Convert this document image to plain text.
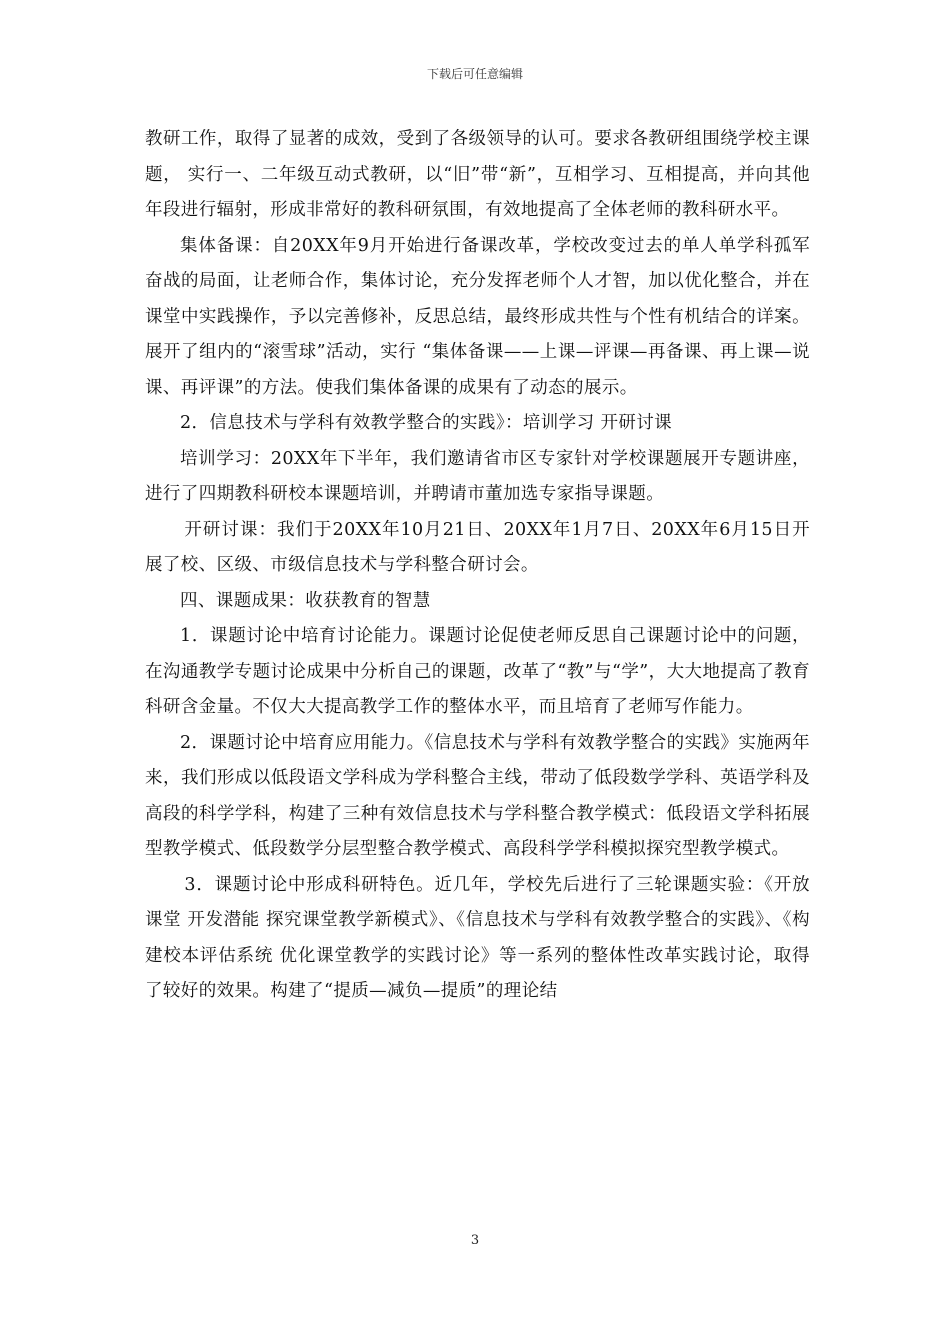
下载后可任意编辑

教研工作，取得了显著的成效，受到了各级领导的认可。要求各教研组围绕学校主课题， 实行一、二年级互动式教研，以“旧”带“新”，互相学习、互相提高，并向其他年段进行辐射，形成非常好的教科研氛围，有效地提高了全体老师的教科研水平。

集体备课：自20XX年9月开始进行备课改革，学校改变过去的单人单学科孤军奋战的局面，让老师合作，集体讨论，充分发挥老师个人才智，加以优化整合，并在课堂中实践操作，予以完善修补，反思总结，最终形成共性与个性有机结合的详案。展开了组内的“滚雪球”活动，实行 “集体备课——上课—评课—再备课、再上课—说课、再评课”的方法。使我们集体备课的成果有了动态的展示。

2．信息技术与学科有效教学整合的实践》：培训学习 开研讨课

培训学习：20XX年下半年，我们邀请省市区专家针对学校课题展开专题讲座，进行了四期教科研校本课题培训，并聘请市董加选专家指导课题。

开研讨课：我们于20XX年10月21日、20XX年1月7日、20XX年6月15日开展了校、区级、市级信息技术与学科整合研讨会。

四、课题成果：收获教育的智慧

1．课题讨论中培育讨论能力。课题讨论促使老师反思自己课题讨论中的问题，在沟通教学专题讨论成果中分析自己的课题，改革了“教”与“学”，大大地提高了教育科研含金量。不仅大大提高教学工作的整体水平，而且培育了老师写作能力。

2．课题讨论中培育应用能力。《信息技术与学科有效教学整合的实践》实施两年来，我们形成以低段语文学科成为学科整合主线，带动了低段数学学科、英语学科及高段的科学学科，构建了三种有效信息技术与学科整合教学模式：低段语文学科拓展型教学模式、低段数学分层型整合教学模式、高段科学学科模拟探究型教学模式。

3．课题讨论中形成科研特色。近几年，学校先后进行了三轮课题实验：《开放课堂 开发潜能 探究课堂教学新模式》、《信息技术与学科有效教学整合的实践》、《构建校本评估系统 优化课堂教学的实践讨论》等一系列的整体性改革实践讨论，取得了较好的效果。构建了“提质—减负—提质”的理论结

3
